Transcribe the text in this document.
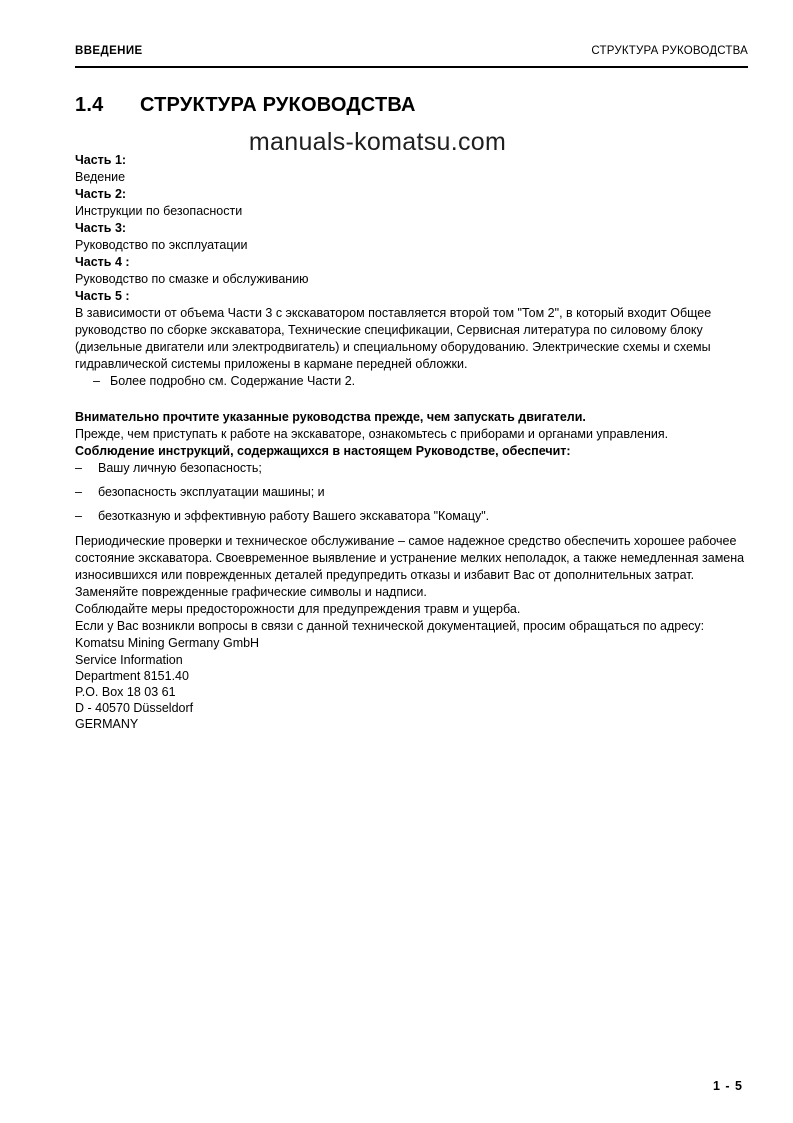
ВВЕДЕНИЕ	СТРУКТУРА РУКОВОДСТВА
1.4	СТРУКТУРА РУКОВОДСТВА
manuals-komatsu.com

Часть 1:

Ведение

Часть 2:

Инструкции по безопасности

Часть 3:

Руководство по эксплуатации

Часть 4 :

Руководство по смазке и обслуживанию

Часть 5 :

В зависимости от объема Части 3 с экскаватором поставляется второй том "Том 2", в который входит Общее руководство по сборке экскаватора, Технические спецификации, Сервисная литература по силовому блоку (дизельные двигатели или электродвигатель) и специальному оборудованию. Электрические схемы и схемы гидравлической системы приложены в кармане передней обложки.

– Более подробно см. Содержание Части 2.

Внимательно прочтите указанные руководства прежде, чем запускать двигатели.

Прежде, чем приступать к работе на экскаваторе, ознакомьтесь с приборами и органами управления.

Соблюдение инструкций, содержащихся в настоящем Руководстве, обеспечит:

–	Вашу личную безопасность;
–	безопасность эксплуатации машины; и
–	безотказную и эффективную работу Вашего экскаватора "Комацу".

Периодические проверки и техническое обслуживание – самое надежное средство обеспечить хорошее рабочее состояние экскаватора. Своевременное выявление и устранение мелких неполадок, а также немедленная замена износившихся или поврежденных деталей предупредить отказы и избавит Вас от дополнительных затрат.

Заменяйте поврежденные графические символы и надписи.

Соблюдайте меры предосторожности для предупреждения травм и ущерба.

Если у Вас возникли вопросы в связи с данной технической документацией, просим обращаться по адресу:

Komatsu Mining Germany GmbH

Service Information

Department 8151.40

P.O. Box 18 03 61

D - 40570 Düsseldorf

GERMANY

1 - 5
